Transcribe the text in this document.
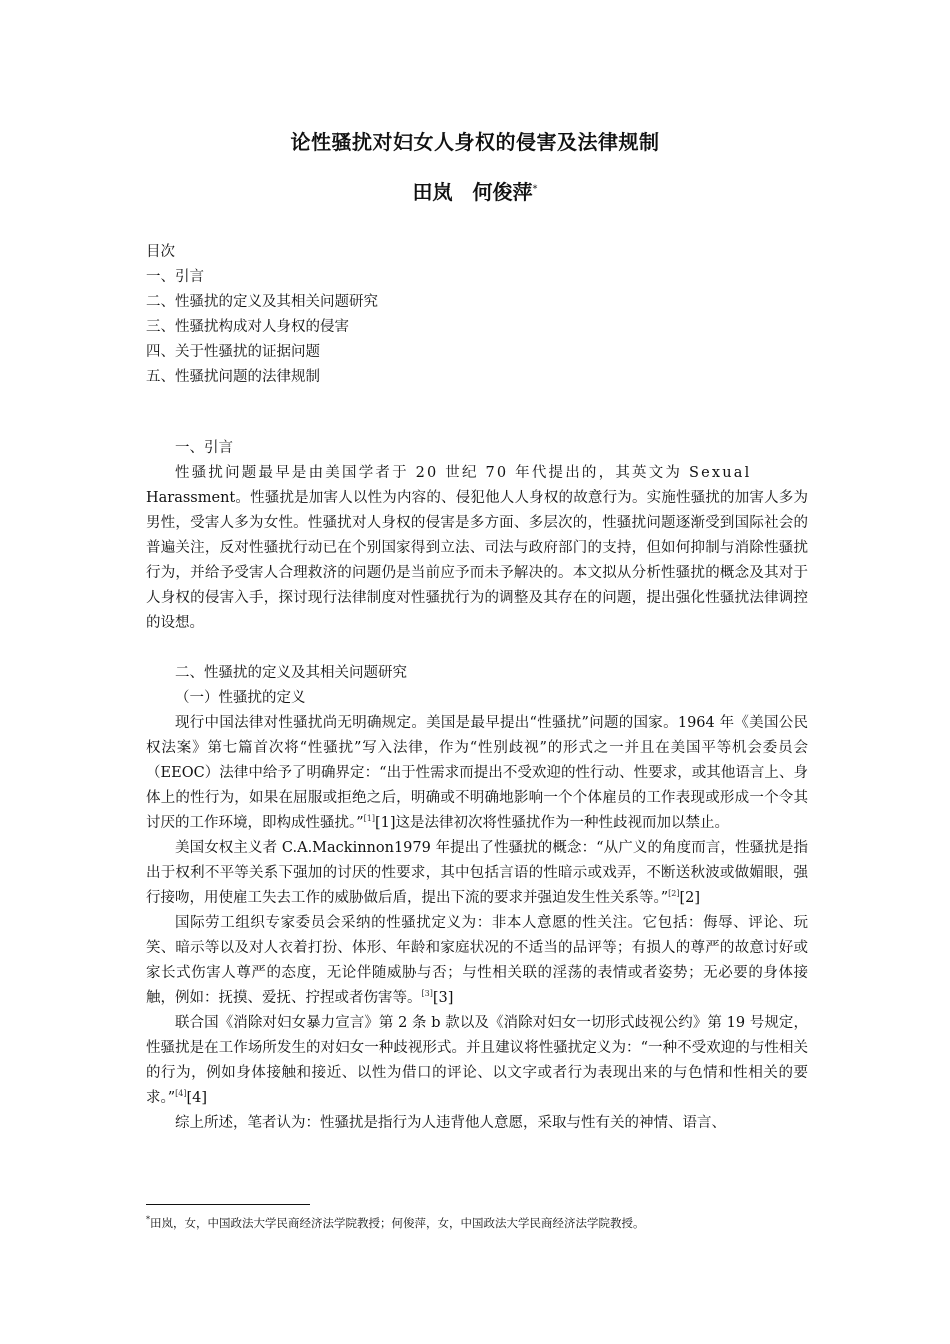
论性骚扰对妇女人身权的侵害及法律规制
田岚　何俊萍*
目次
一、引言
二、性骚扰的定义及其相关问题研究
三、性骚扰构成对人身权的侵害
四、关于性骚扰的证据问题
五、性骚扰问题的法律规制
一、引言

性骚扰问题最早是由美国学者于 20 世纪 70 年代提出的，其英文为 Sexual
Harassment。性骚扰是加害人以性为内容的、侵犯他人人身权的故意行为。实施性骚扰的加害人多为男性，受害人多为女性。性骚扰对人身权的侵害是多方面、多层次的，性骚扰问题逐渐受到国际社会的普遍关注，反对性骚扰行动已在个别国家得到立法、司法与政府部门的支持，但如何抑制与消除性骚扰行为，并给予受害人合理救济的问题仍是当前应予而未予解决的。本文拟从分析性骚扰的概念及其对于人身权的侵害入手，探讨现行法律制度对性骚扰行为的调整及其存在的问题，提出强化性骚扰法律调控的设想。

二、性骚扰的定义及其相关问题研究
（一）性骚扰的定义

现行中国法律对性骚扰尚无明确规定。美国是最早提出“性骚扰”问题的国家。1964 年《美国公民权法案》第七篇首次将“性骚扰”写入法律，作为“性别歧视”的形式之一并且在美国平等机会委员会（EEOC）法律中给予了明确界定：“出于性需求而提出不受欢迎的性行动、性要求，或其他语言上、身体上的性行为，如果在屈服或拒绝之后，明确或不明确地影响一个个体雇员的工作表现或形成一个令其讨厌的工作环境，即构成性骚扰。”[1][1]这是法律初次将性骚扰作为一种性歧视而加以禁止。

美国女权主义者 C.A.Mackinnon1979 年提出了性骚扰的概念：“从广义的角度而言，性骚扰是指出于权利不平等关系下强加的讨厌的性要求，其中包括言语的性暗示或戏弄，不断送秋波或做媚眼，强行接吻，用使雇工失去工作的威胁做后盾，提出下流的要求并强迫发生性关系等。”[2][2]

国际劳工组织专家委员会采纳的性骚扰定义为：非本人意愿的性关注。它包括：侮辱、评论、玩笑、暗示等以及对人衣着打扮、体形、年龄和家庭状况的不适当的品评等；有损人的尊严的故意讨好或家长式伤害人尊严的态度，无论伴随威胁与否；与性相关联的淫荡的表情或者姿势；无必要的身体接触，例如：抚摸、爱抚、拧捏或者伤害等。[3][3]

联合国《消除对妇女暴力宣言》第 2 条 b 款以及《消除对妇女一切形式歧视公约》第 19 号规定，性骚扰是在工作场所发生的对妇女一种歧视形式。并且建议将性骚扰定义为：“一种不受欢迎的与性相关的行为，例如身体接触和接近、以性为借口的评论、以文字或者行为表现出来的与色情和性相关的要求。”[4][4]

综上所述，笔者认为：性骚扰是指行为人违背他人意愿，采取与性有关的神情、语言、

*田岚，女，中国政法大学民商经济法学院教授；何俊萍，女，中国政法大学民商经济法学院教授。
